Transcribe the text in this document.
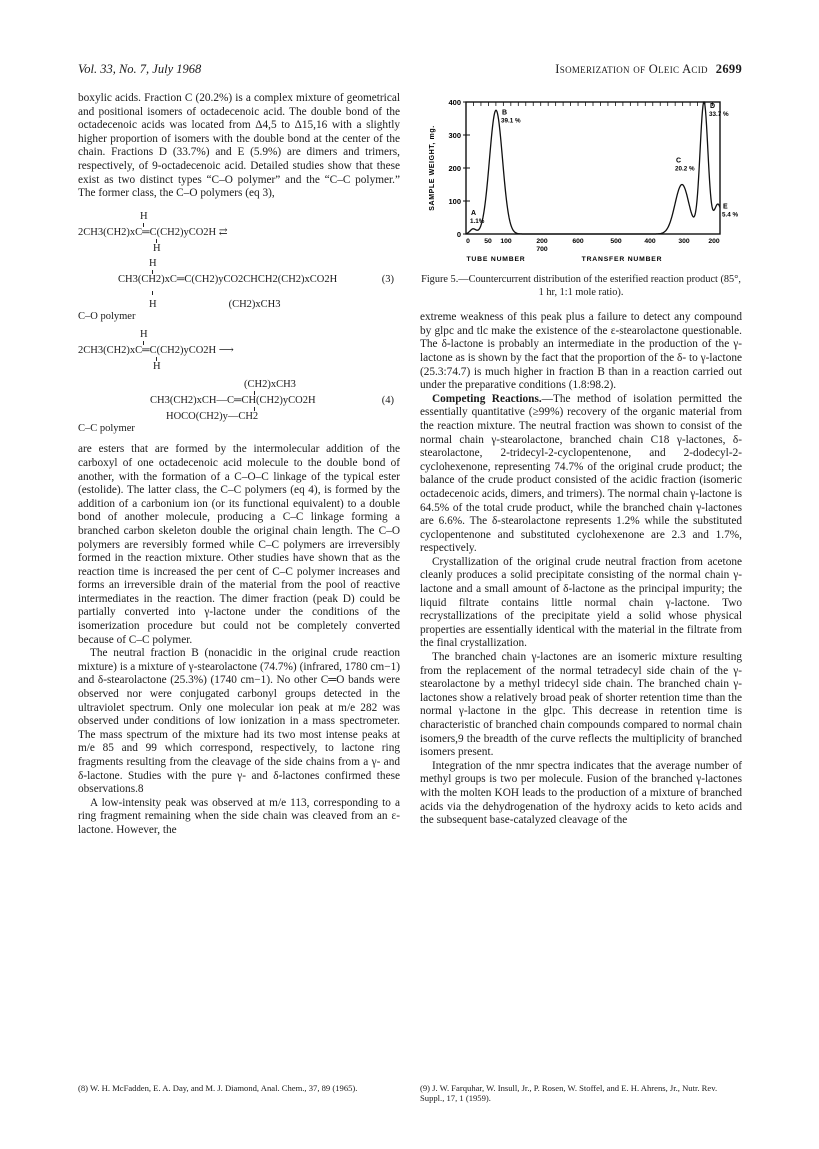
Vol. 33, No. 7, July 1968	Isomerization of Oleic Acid 2699

boxylic acids. Fraction C (20.2%) is a complex mixture of geometrical and positional isomers of octadecenoic acid. The double bond of the octadecenoic acids was located from Δ4,5 to Δ15,16 with a slightly higher proportion of isomers with the double bond at the center of the chain. Fractions D (33.7%) and E (5.9%) are dimers and trimers, respectively, of 9-octadecenoic acid. Detailed studies show that these exist as two distinct types “C–O polymer” and the “C–C polymer.” The former class, the C–O polymers (eq 3),

H
2CH3(CH2)xC═C(CH2)yCO2H ⇄
H
H
CH3(CH2)xC═C(CH2)yCO2CHCH2(CH2)xCO2H	(3)
H	(CH2)xCH3
C–O polymer
H
2CH3(CH2)xC═C(CH2)yCO2H ⟶
H
(CH2)xCH3
CH3(CH2)xCH—C═CH(CH2)yCO2H	(4)
HOCO(CH2)y—CH2
C–C polymer

are esters that are formed by the intermolecular addition of the carboxyl of one octadecenoic acid molecule to the double bond of another, with the formation of a C–O–C linkage of the typical ester (estolide). The latter class, the C–C polymers (eq 4), is formed by the addition of a carbonium ion (or its functional equivalent) to a double bond of another molecule, producing a C–C linkage forming a branched carbon skeleton double the original chain length. The C–O polymers are reversibly formed while C–C polymers are irreversibly formed in the reaction mixture. Other studies have shown that as the reaction time is increased the per cent of C–C polymer increases and forms an irreversible drain of the material from the pool of reactive intermediates in the reaction. The dimer fraction (peak D) could be partially converted into γ-lactone under the conditions of the isomerization procedure but could not be completely converted because of C–C polymer.

The neutral fraction B (nonacidic in the original crude reaction mixture) is a mixture of γ-stearolactone (74.7%) (infrared, 1780 cm−1) and δ-stearolactone (25.3%) (1740 cm−1). No other C═O bands were observed nor were conjugated carbonyl groups detected in the ultraviolet spectrum. Only one molecular ion peak at m/e 282 was observed under conditions of low ionization in a mass spectrometer. The mass spectrum of the mixture had its two most intense peaks at m/e 85 and 99 which correspond, respectively, to lactone ring fragments resulting from the cleavage of the side chains from a γ- and δ-lactone. Studies with the pure γ- and δ-lactones confirmed these observations.8

A low-intensity peak was observed at m/e 113, corresponding to a ring fragment remaining when the side chain was cleaved from an ε-lactone. However, the

0
100
200
300
400
SAMPLE WEIGHT, mg.
0 50 100	200
700
600	500	400	300	200
TUBE NUMBER	TRANSFER NUMBER
A
1.1%
B
39.1 %
C
20.2 %
D
33.7 %
E
5.4 %
Figure 5.—Countercurrent distribution of the esterified reaction product (85°, 1 hr, 1:1 mole ratio).

extreme weakness of this peak plus a failure to detect any compound by glpc and tlc make the existence of the ε-stearolactone questionable. The δ-lactone is probably an intermediate in the production of the γ-lactone as is shown by the fact that the proportion of the δ- to γ-lactone (25.3:74.7) is much higher in fraction B than in a reaction carried out under the preparative conditions (1.8:98.2).

Competing Reactions.—The method of isolation permitted the essentially quantitative (≥99%) recovery of the organic material from the reaction mixture. The neutral fraction was shown to consist of the normal chain γ-stearolactone, branched chain C18 γ-lactones, δ-stearolactone, 2-tridecyl-2-cyclopentenone, and 2-dodecyl-2-cyclohexenone, representing 74.7% of the original crude product; the balance of the crude product consisted of the acidic fraction (isomeric octadecenoic acids, dimers, and trimers). The normal chain γ-lactone is 64.5% of the total crude product, while the branched chain γ-lactones are 6.6%. The δ-stearolactone represents 1.2% while the substituted cyclopentenone and substituted cyclohexenone are 2.3 and 1.7%, respectively.

Crystallization of the original crude neutral fraction from acetone cleanly produces a solid precipitate consisting of the normal chain γ-lactone and a small amount of δ-lactone as the principal impurity; the liquid filtrate contains little normal chain γ-lactone. Two recrystallizations of the precipitate yield a solid whose physical properties are essentially identical with the material in the filtrate from the final crystallization.

The branched chain γ-lactones are an isomeric mixture resulting from the replacement of the normal tetradecyl side chain of the γ-stearolactone by a methyl tridecyl side chain. The branched chain γ-lactones show a relatively broad peak of shorter retention time than the normal γ-lactone in the glpc. This decrease in retention time is characteristic of branched chain compounds compared to normal chain isomers,9 the breadth of the curve reflects the multiplicity of branched isomers present.

Integration of the nmr spectra indicates that the average number of methyl groups is two per molecule. Fusion of the branched γ-lactones with the molten KOH leads to the production of a mixture of branched acids via the dehydrogenation of the hydroxy acids to keto acids and the subsequent base-catalyzed cleavage of the

(8) W. H. McFadden, E. A. Day, and M. J. Diamond, Anal. Chem., 37, 89 (1965).	(9) J. W. Farquhar, W. Insull, Jr., P. Rosen, W. Stoffel, and E. H. Ahrens, Jr., Nutr. Rev. Suppl., 17, 1 (1959).
